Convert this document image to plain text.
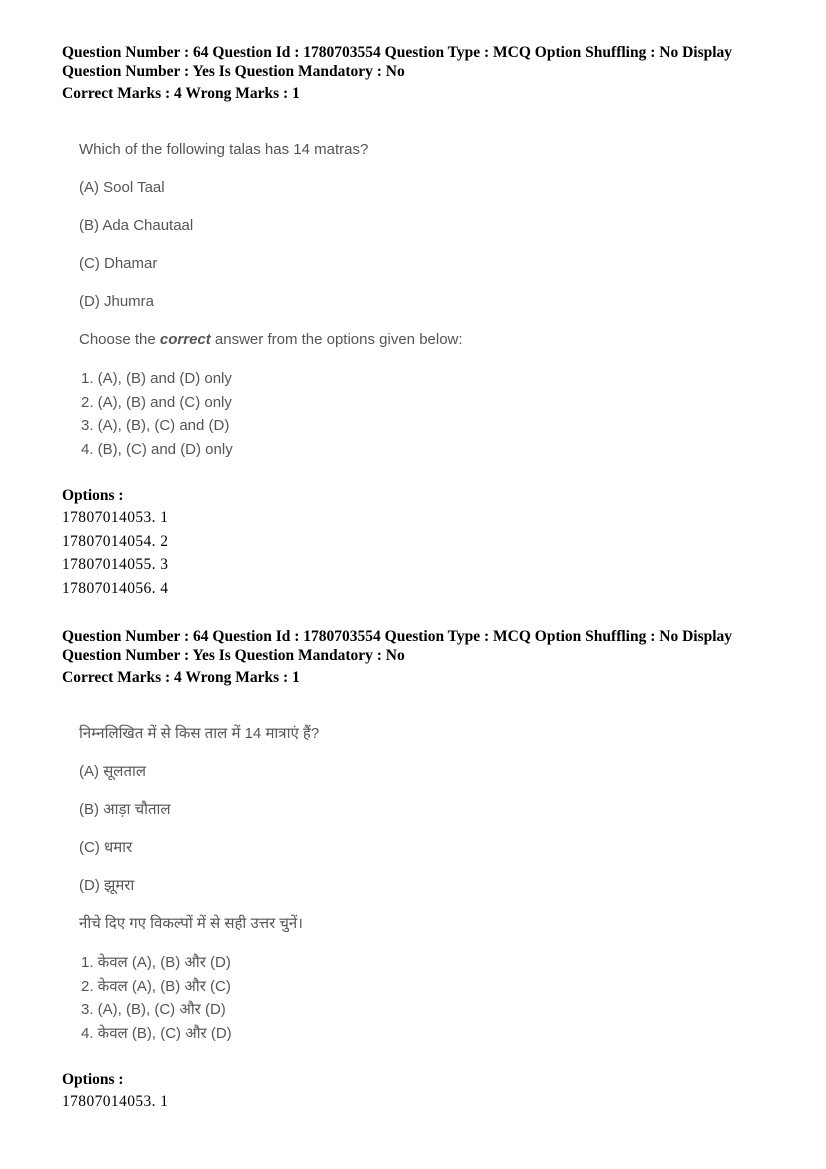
Question Number : 64 Question Id : 1780703554 Question Type : MCQ Option Shuffling : No Display
Question Number : Yes Is Question Mandatory : No
Correct Marks : 4 Wrong Marks : 1

Which of the following talas has 14 matras?

(A) Sool Taal

(B) Ada Chautaal

(C) Dhamar

(D) Jhumra

Choose the correct answer from the options given below:

1. (A), (B) and (D) only
2. (A), (B) and (C) only
3. (A), (B), (C) and (D)
4. (B), (C) and (D) only
Options :
17807014053. 1
17807014054. 2
17807014055. 3
17807014056. 4
Question Number : 64 Question Id : 1780703554 Question Type : MCQ Option Shuffling : No Display
Question Number : Yes Is Question Mandatory : No
Correct Marks : 4 Wrong Marks : 1

निम्नलिखित में से किस ताल में 14 मात्राएं हैं?

(A) सूलताल

(B) आड़ा चौताल

(C) धमार

(D) झूमरा

नीचे दिए गए विकल्पों में से सही उत्तर चुनें।

1. केवल (A), (B) और (D)
2. केवल (A), (B) और (C)
3. (A), (B), (C) और (D)
4. केवल (B), (C) और (D)
Options :
17807014053. 1
